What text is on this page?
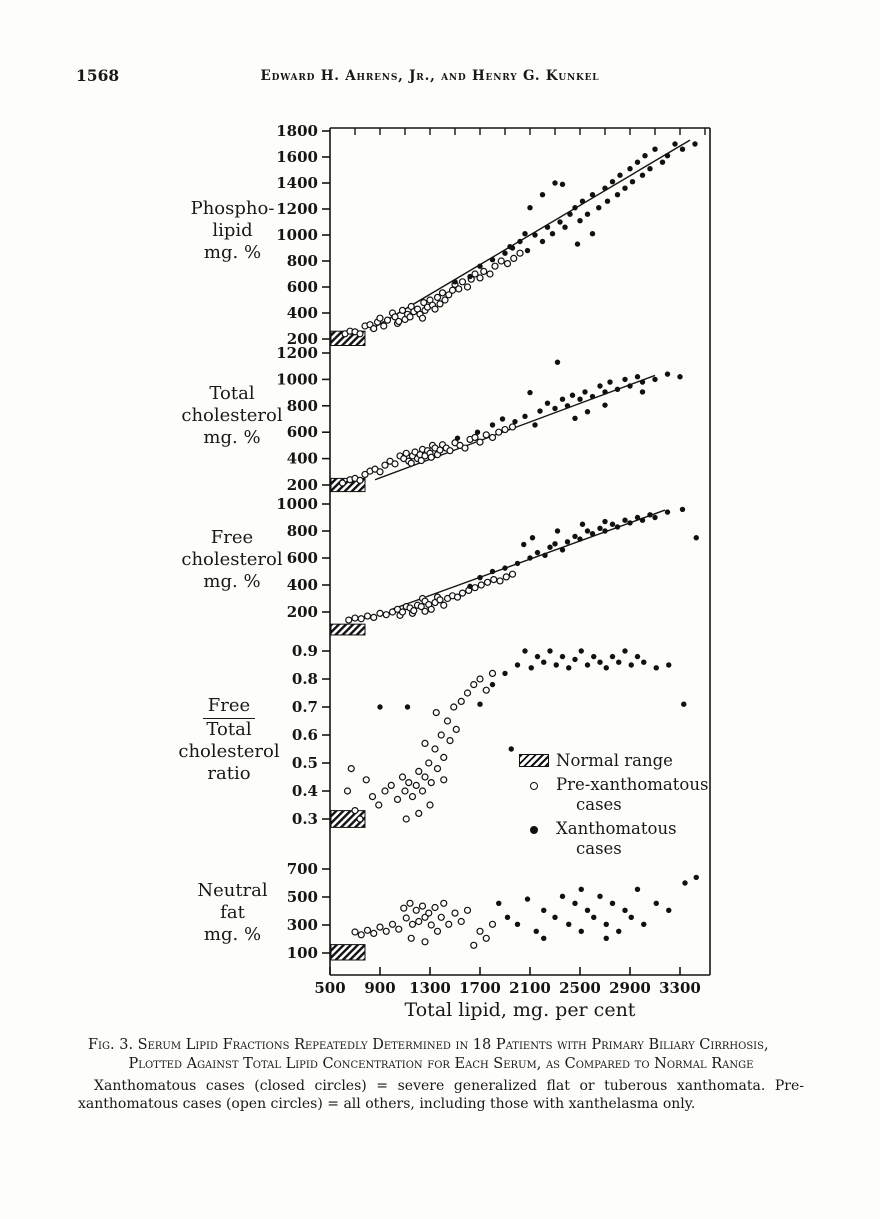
1568	Edward H. Ahrens, Jr., and Henry G. Kunkel
500 900 1300 1700 2100 2500 2900 3300
1800
1600
1400
1200
1000
800
600
400
200
1200
1000
800
600
400
200
1000
800
600
400
200
0.9
0.8
0.7
0.6
0.5
0.4
0.3
700
500
300
100
Phospho-
lipid
mg. %
Total
cholesterol
mg. %
Free
cholesterol
mg. %
Free
Total
cholesterol
ratio
Neutral
fat
mg. %
Normal range
Pre-xanthomatous
cases
Xanthomatous
cases
Total lipid, mg. per cent
Fig. 3. Serum Lipid Fractions Repeatedly Determined in 18 Patients with Primary Biliary Cirrhosis,
Plotted Against Total Lipid Concentration for Each Serum, as Compared to Normal Range
Xanthomatous cases (closed circles) = severe generalized flat or tuberous xanthomata. Pre-xanthomatous cases (open circles) = all others, including those with xanthelasma only.
